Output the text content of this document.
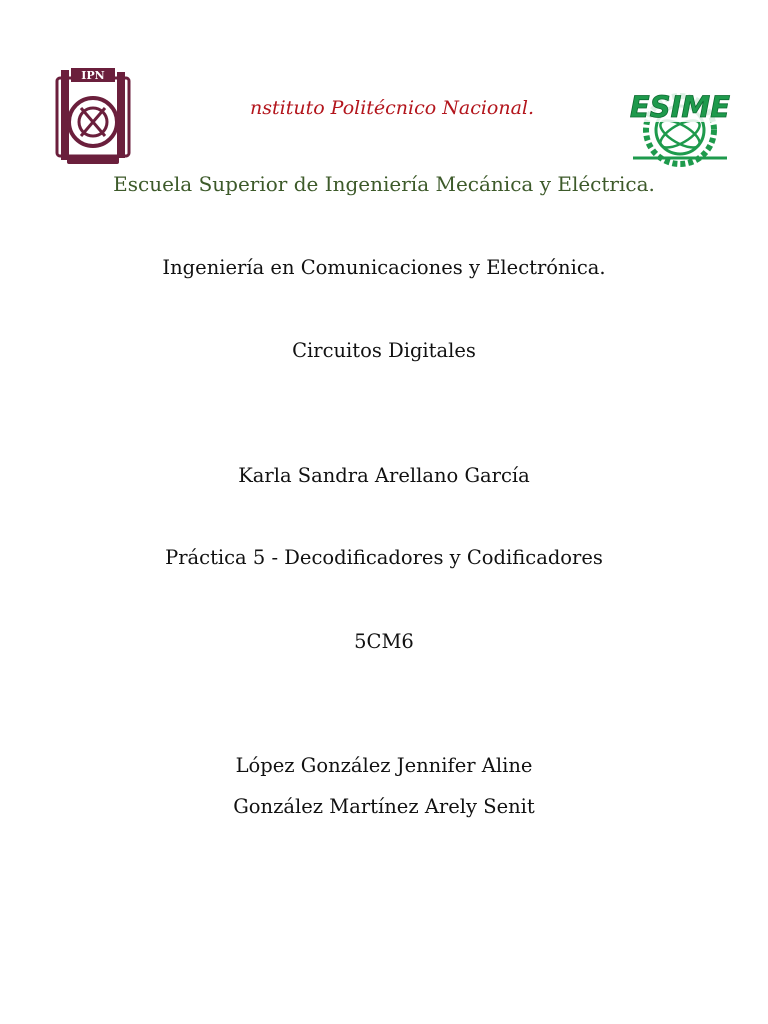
IPN
nstituto Politécnico Nacional.	ESIME
Escuela Superior de Ingeniería Mecánica y Eléctrica.
Ingeniería en Comunicaciones y Electrónica.
Circuitos Digitales
Karla Sandra Arellano García
Práctica 5 - Decodificadores y Codificadores
5CM6
López González Jennifer Aline
González Martínez Arely Senit
